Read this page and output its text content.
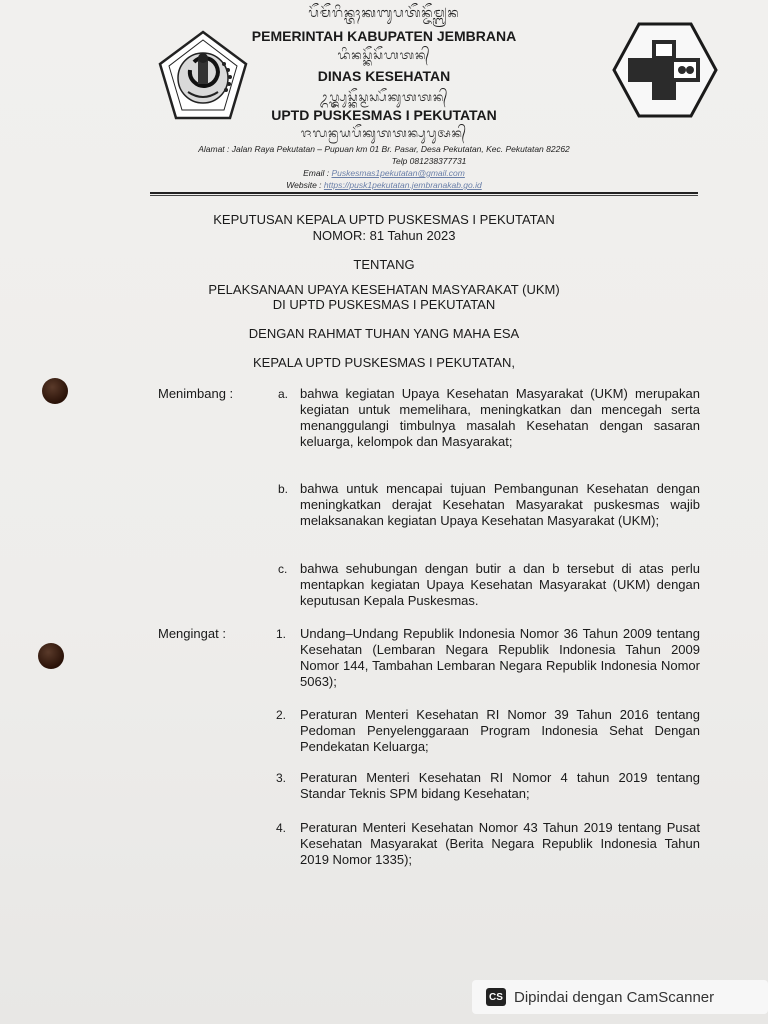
ᬧᭂᬫᭂᬭᬶᬦ᭄ᬢᬄᬓᬩᬸᬧᬢᭂᬦ᭄ᬚᭂᬫ᭄ᬩ᭄ᬭᬦ
PEMERINTAH KABUPATEN JEMBRANA
ᬤᬶᬦᬲ᭄ᬓᭂᬲᭂᬳᬢᬦ᭄
DINAS KESEHATAN
ᬉᬧ᭄ᬢ᭄ᬤ᭄ᬧᬸᬲ᭄ᬓᭂᬲ᭄ᬫᬲ᭄ᬧᭂᬓᬸᬢᬢᬦ᭄
UPTD PUSKESMAS I PEKUTATAN
ᬚᬮᬦ᭄ᬭᬬᬧᭂᬓᬸᬢᬢᬦ᭄ᬧᬸᬧᬸᬅᬦ᭄
Alamat : Jalan Raya Pekutatan – Pupuan km 01 Br. Pasar, Desa Pekutatan, Kec. Pekutatan 82262
Telp 081238377731
Email : Puskesmas1pekutatan@gmail.com
Website : https://pusk1pekutatan.jembranakab.go.id
KEPUTUSAN KEPALA UPTD PUSKESMAS I PEKUTATAN
NOMOR: 81 Tahun 2023
TENTANG
PELAKSANAAN UPAYA KESEHATAN MASYARAKAT (UKM)
DI UPTD PUSKESMAS I PEKUTATAN
DENGAN RAHMAT TUHAN YANG MAHA ESA
KEPALA UPTD PUSKESMAS I PEKUTATAN,
Menimbang :	a. bahwa kegiatan Upaya Kesehatan Masyarakat (UKM) merupakan kegiatan untuk memelihara, meningkatkan dan mencegah serta menanggulangi timbulnya masalah Kesehatan dengan sasaran keluarga, kelompok dan Masyarakat;
b. bahwa untuk mencapai tujuan Pembangunan Kesehatan dengan meningkatkan derajat Kesehatan Masyarakat puskesmas wajib melaksanakan kegiatan Upaya Kesehatan Masyarakat (UKM);
c. bahwa sehubungan dengan butir a dan b tersebut di atas perlu mentapkan kegiatan Upaya Kesehatan Masyarakat (UKM) dengan keputusan Kepala Puskesmas.
Mengingat :	1. Undang–Undang Republik Indonesia Nomor 36 Tahun 2009 tentang Kesehatan (Lembaran Negara Republik Indonesia Tahun 2009 Nomor 144, Tambahan Lembaran Negara Republik Indonesia Nomor 5063);
2. Peraturan Menteri Kesehatan RI Nomor 39 Tahun 2016 tentang Pedoman Penyelenggaraan Program Indonesia Sehat Dengan Pendekatan Keluarga;
3. Peraturan Menteri Kesehatan RI Nomor 4 tahun 2019 tentang Standar Teknis SPM bidang Kesehatan;
4. Peraturan Menteri Kesehatan Nomor 43 Tahun 2019 tentang Pusat Kesehatan Masyarakat (Berita Negara Republik Indonesia Tahun 2019 Nomor 1335);
CS Dipindai dengan CamScanner
